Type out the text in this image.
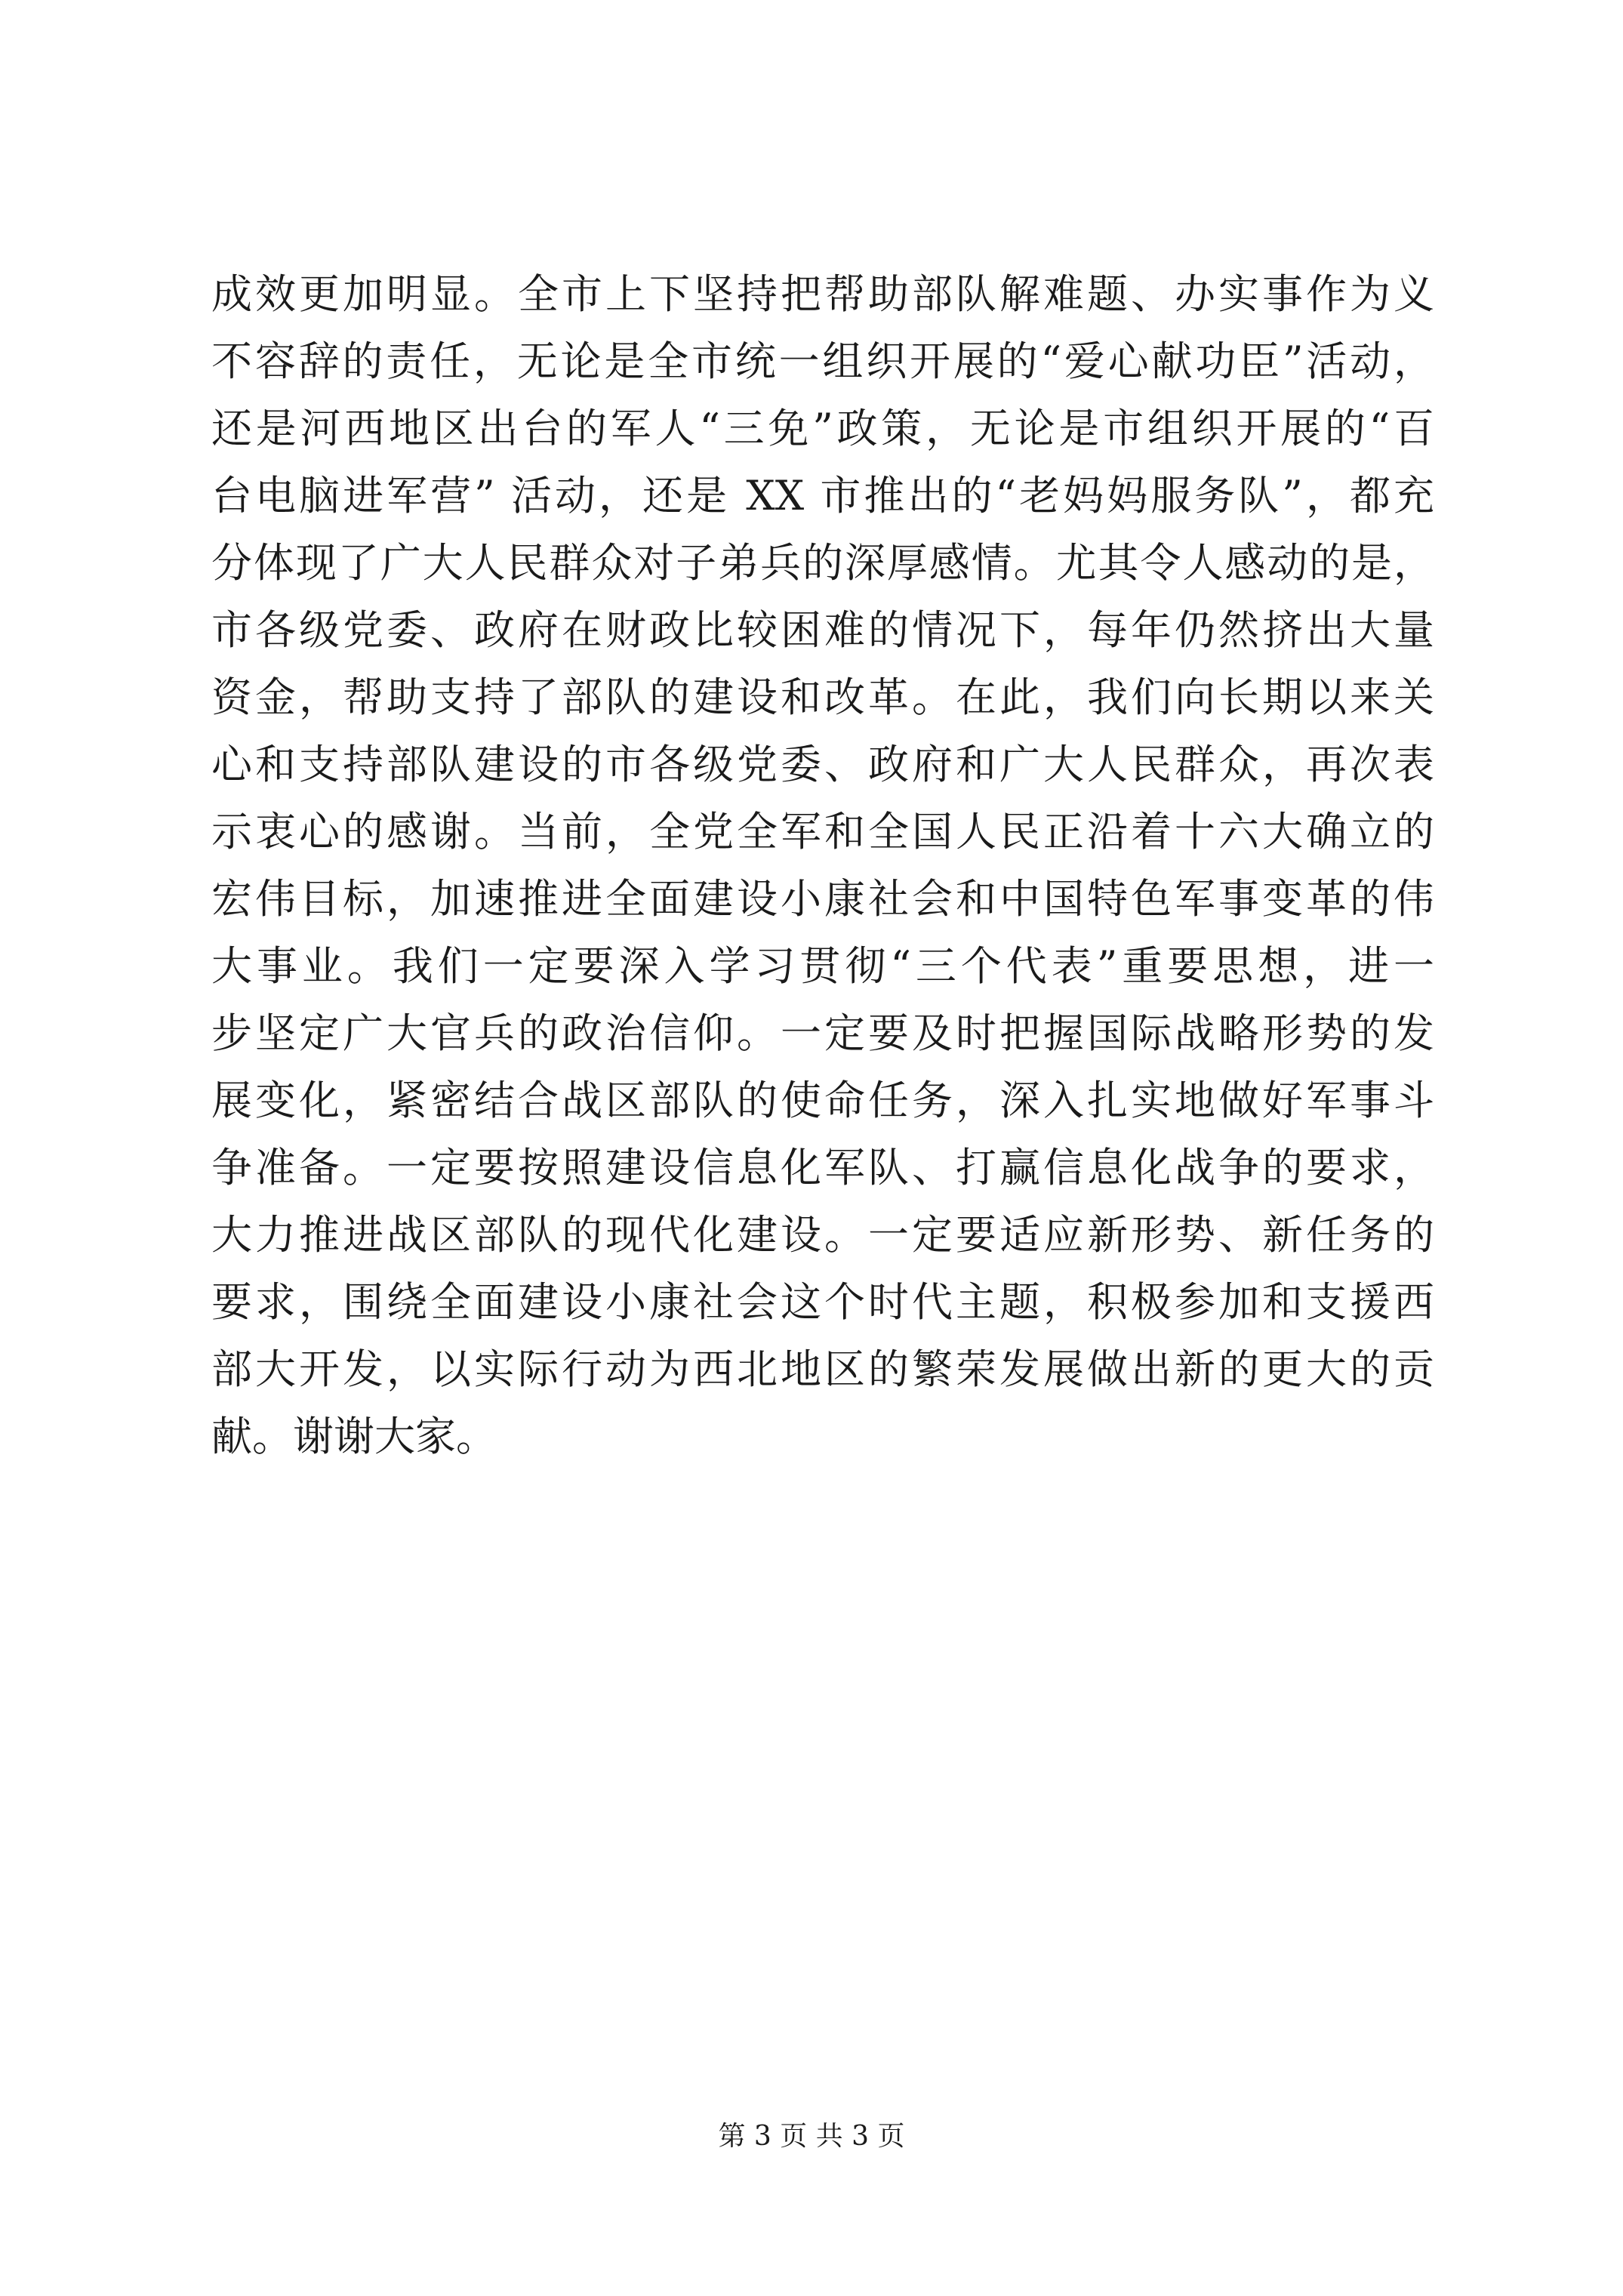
成效更加明显。全市上下坚持把帮助部队解难题、办实事作为义
不容辞的责任，无论是全市统一组织开展的“爱心献功臣”活动，
还是河西地区出台的军人“三免”政策，无论是市组织开展的“百
台电脑进军营” 活动，还是 XX 市推出的“老妈妈服务队”，都充
分体现了广大人民群众对子弟兵的深厚感情。尤其令人感动的是，
市各级党委、政府在财政比较困难的情况下，每年仍然挤出大量
资金，帮助支持了部队的建设和改革。在此，我们向长期以来关
心和支持部队建设的市各级党委、政府和广大人民群众，再次表
示衷心的感谢。当前，全党全军和全国人民正沿着十六大确立的
宏伟目标，加速推进全面建设小康社会和中国特色军事变革的伟
大事业。我们一定要深入学习贯彻“三个代表”重要思想，进一
步坚定广大官兵的政治信仰。一定要及时把握国际战略形势的发
展变化，紧密结合战区部队的使命任务，深入扎实地做好军事斗
争准备。一定要按照建设信息化军队、打赢信息化战争的要求，
大力推进战区部队的现代化建设。一定要适应新形势、新任务的
要求，围绕全面建设小康社会这个时代主题，积极参加和支援西
部大开发，以实际行动为西北地区的繁荣发展做出新的更大的贡
献。谢谢大家。
第 3 页 共 3 页
